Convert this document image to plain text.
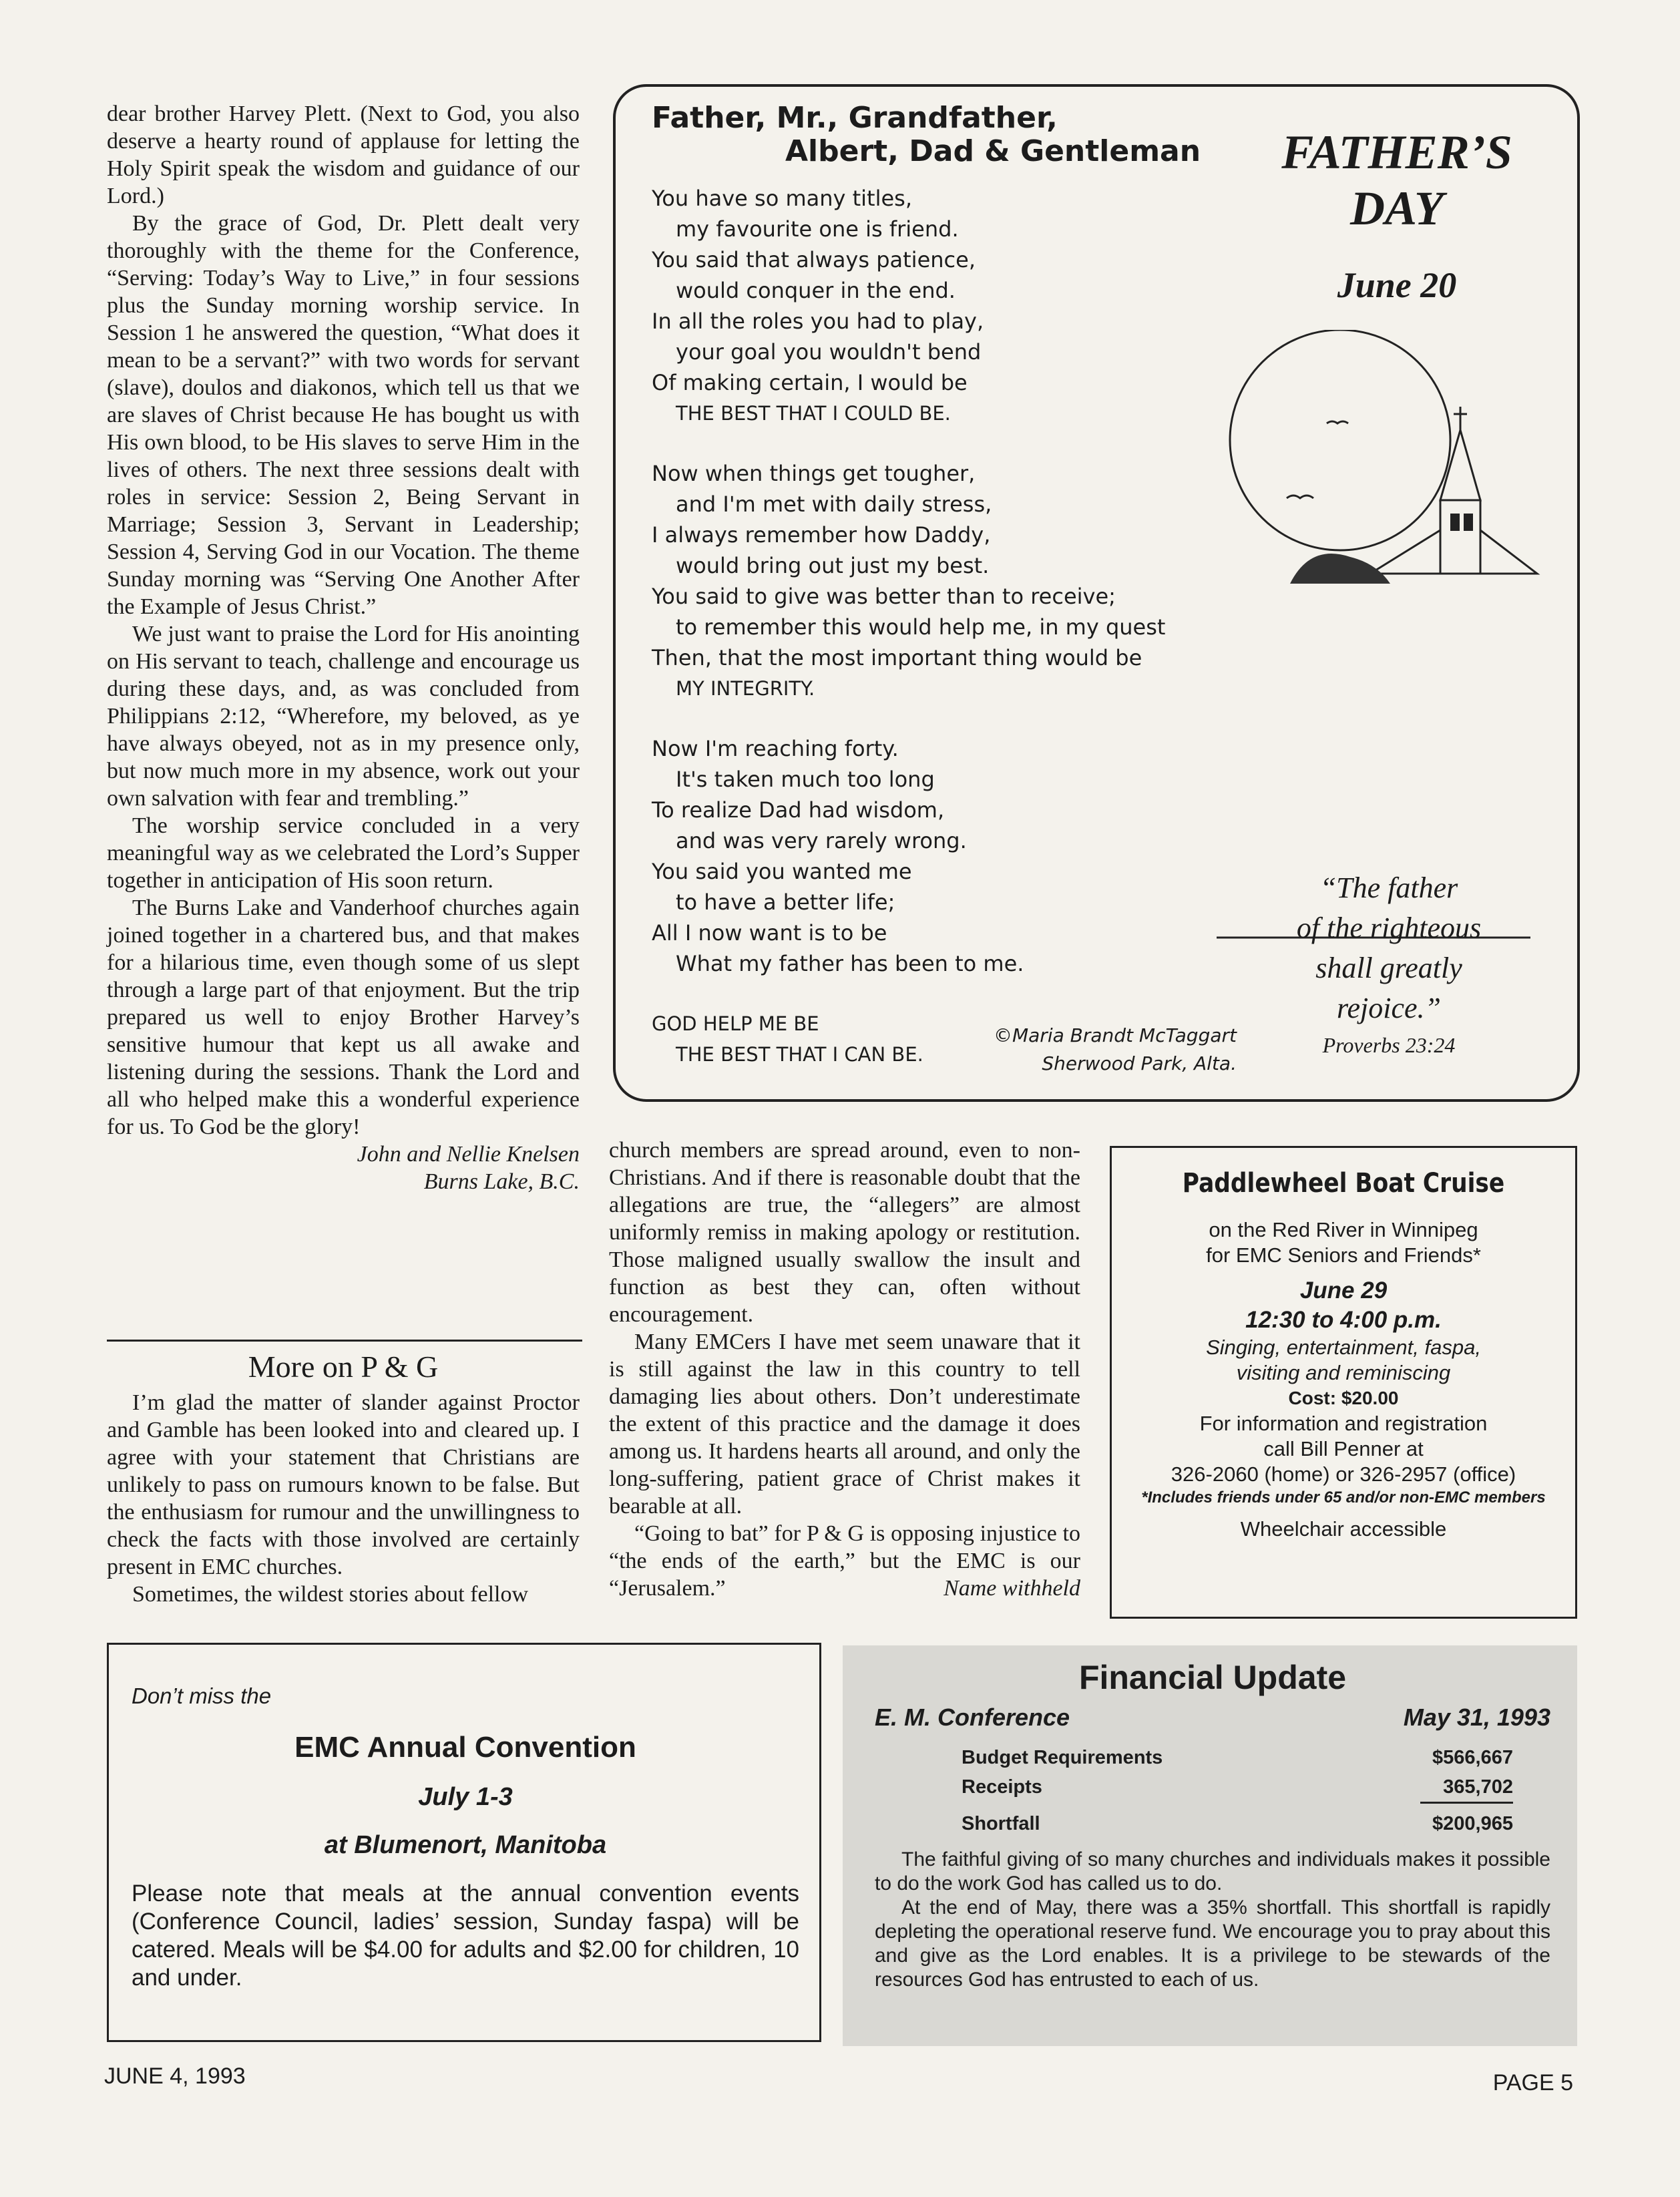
dear brother Harvey Plett. (Next to God, you also deserve a hearty round of applause for letting the Holy Spirit speak the wisdom and guidance of our Lord.)

By the grace of God, Dr. Plett dealt very thoroughly with the theme for the Conference, “Serving: Today’s Way to Live,” in four sessions plus the Sunday morning worship service. In Session 1 he answered the question, “What does it mean to be a servant?” with two words for servant (slave), doulos and diakonos, which tell us that we are slaves of Christ because He has bought us with His own blood, to be His slaves to serve Him in the lives of others. The next three sessions dealt with roles in service: Session 2, Being Servant in Marriage; Session 3, Servant in Leadership; Session 4, Serving God in our Vocation. The theme Sunday morning was “Serving One Another After the Example of Jesus Christ.”

We just want to praise the Lord for His anointing on His servant to teach, challenge and encourage us during these days, and, as was concluded from Philippians 2:12, “Wherefore, my beloved, as ye have always obeyed, not as in my presence only, but now much more in my absence, work out your own salvation with fear and trembling.”

The worship service concluded in a very meaningful way as we celebrated the Lord’s Supper together in anticipation of His soon return.

The Burns Lake and Vanderhoof churches again joined together in a chartered bus, and that makes for a hilarious time, even though some of us slept through a large part of that enjoyment. But the trip prepared us well to enjoy Brother Harvey’s sensitive humour that kept us all awake and listening during the sessions. Thank the Lord and all who helped make this a wonderful experience for us. To God be the glory!

John and Nellie Knelsen

Burns Lake, B.C.

More on P & G

I’m glad the matter of slander against Proctor and Gamble has been looked into and cleared up. I agree with your statement that Christians are unlikely to pass on rumours known to be false. But the enthusiasm for rumour and the unwillingness to check the facts with those involved are certainly present in EMC churches.

Sometimes, the wildest stories about fellow

church members are spread around, even to non-Christians. And if there is reasonable doubt that the allegations are true, the “allegers” are almost uniformly remiss in making apology or restitution. Those maligned usually swallow the insult and function as best they can, often without encouragement.

Many EMCers I have met seem unaware that it is still against the law in this country to tell damaging lies about others. Don’t underestimate the extent of this practice and the damage it does among us. It hardens hearts all around, and only the long-suffering, patient grace of Christ makes it bearable at all.

“Going to bat” for P & G is opposing injustice to “the ends of the earth,” but the EMC is our “Jerusalem.”	Name withheld

Father, Mr., Grandfather,

Albert, Dad & Gentleman

You have so many titles,

my favourite one is friend.

You said that always patience,

would conquer in the end.

In all the roles you had to play,

your goal you wouldn't bend

Of making certain, I would be

THE BEST THAT I COULD BE.

Now when things get tougher,

and I'm met with daily stress,

I always remember how Daddy,

would bring out just my best.

You said to give was better than to receive;

to remember this would help me, in my quest

Then, that the most important thing would be

MY INTEGRITY.

Now I'm reaching forty.

It's taken much too long

To realize Dad had wisdom,

and was very rarely wrong.

You said you wanted me

to have a better life;

All I now want is to be

What my father has been to me.

GOD HELP ME BE

THE BEST THAT I CAN BE.

©Maria Brandt McTaggart
Sherwood Park, Alta.
FATHER’S
DAY
June 20
“The father
of the righteous
shall greatly
rejoice.”
Proverbs 23:24
Paddlewheel Boat Cruise
on the Red River in Winnipeg
for EMC Seniors and Friends*
June 29
12:30 to 4:00 p.m.
Singing, entertainment, faspa,
visiting and reminiscing
Cost: $20.00
For information and registration
call Bill Penner at
326-2060 (home) or 326-2957 (office)
*Includes friends under 65 and/or non-EMC members
Wheelchair accessible
Don’t miss the
EMC Annual Convention
July 1-3
at Blumenort, Manitoba
Please note that meals at the annual convention events (Conference Council, ladies’ session, Sunday faspa) will be catered. Meals will be $4.00 for adults and $2.00 for children, 10 and under.
Financial Update
E. M. Conference	May 31, 1993
Budget Requirements	$566,667
Receipts	365,702
Shortfall	$200,965
The faithful giving of so many churches and individuals makes it possible to do the work God has called us to do.
At the end of May, there was a 35% shortfall. This shortfall is rapidly depleting the operational reserve fund. We encourage you to pray about this and give as the Lord enables. It is a privilege to be stewards of the resources God has entrusted to each of us.
JUNE 4, 1993	PAGE 5
